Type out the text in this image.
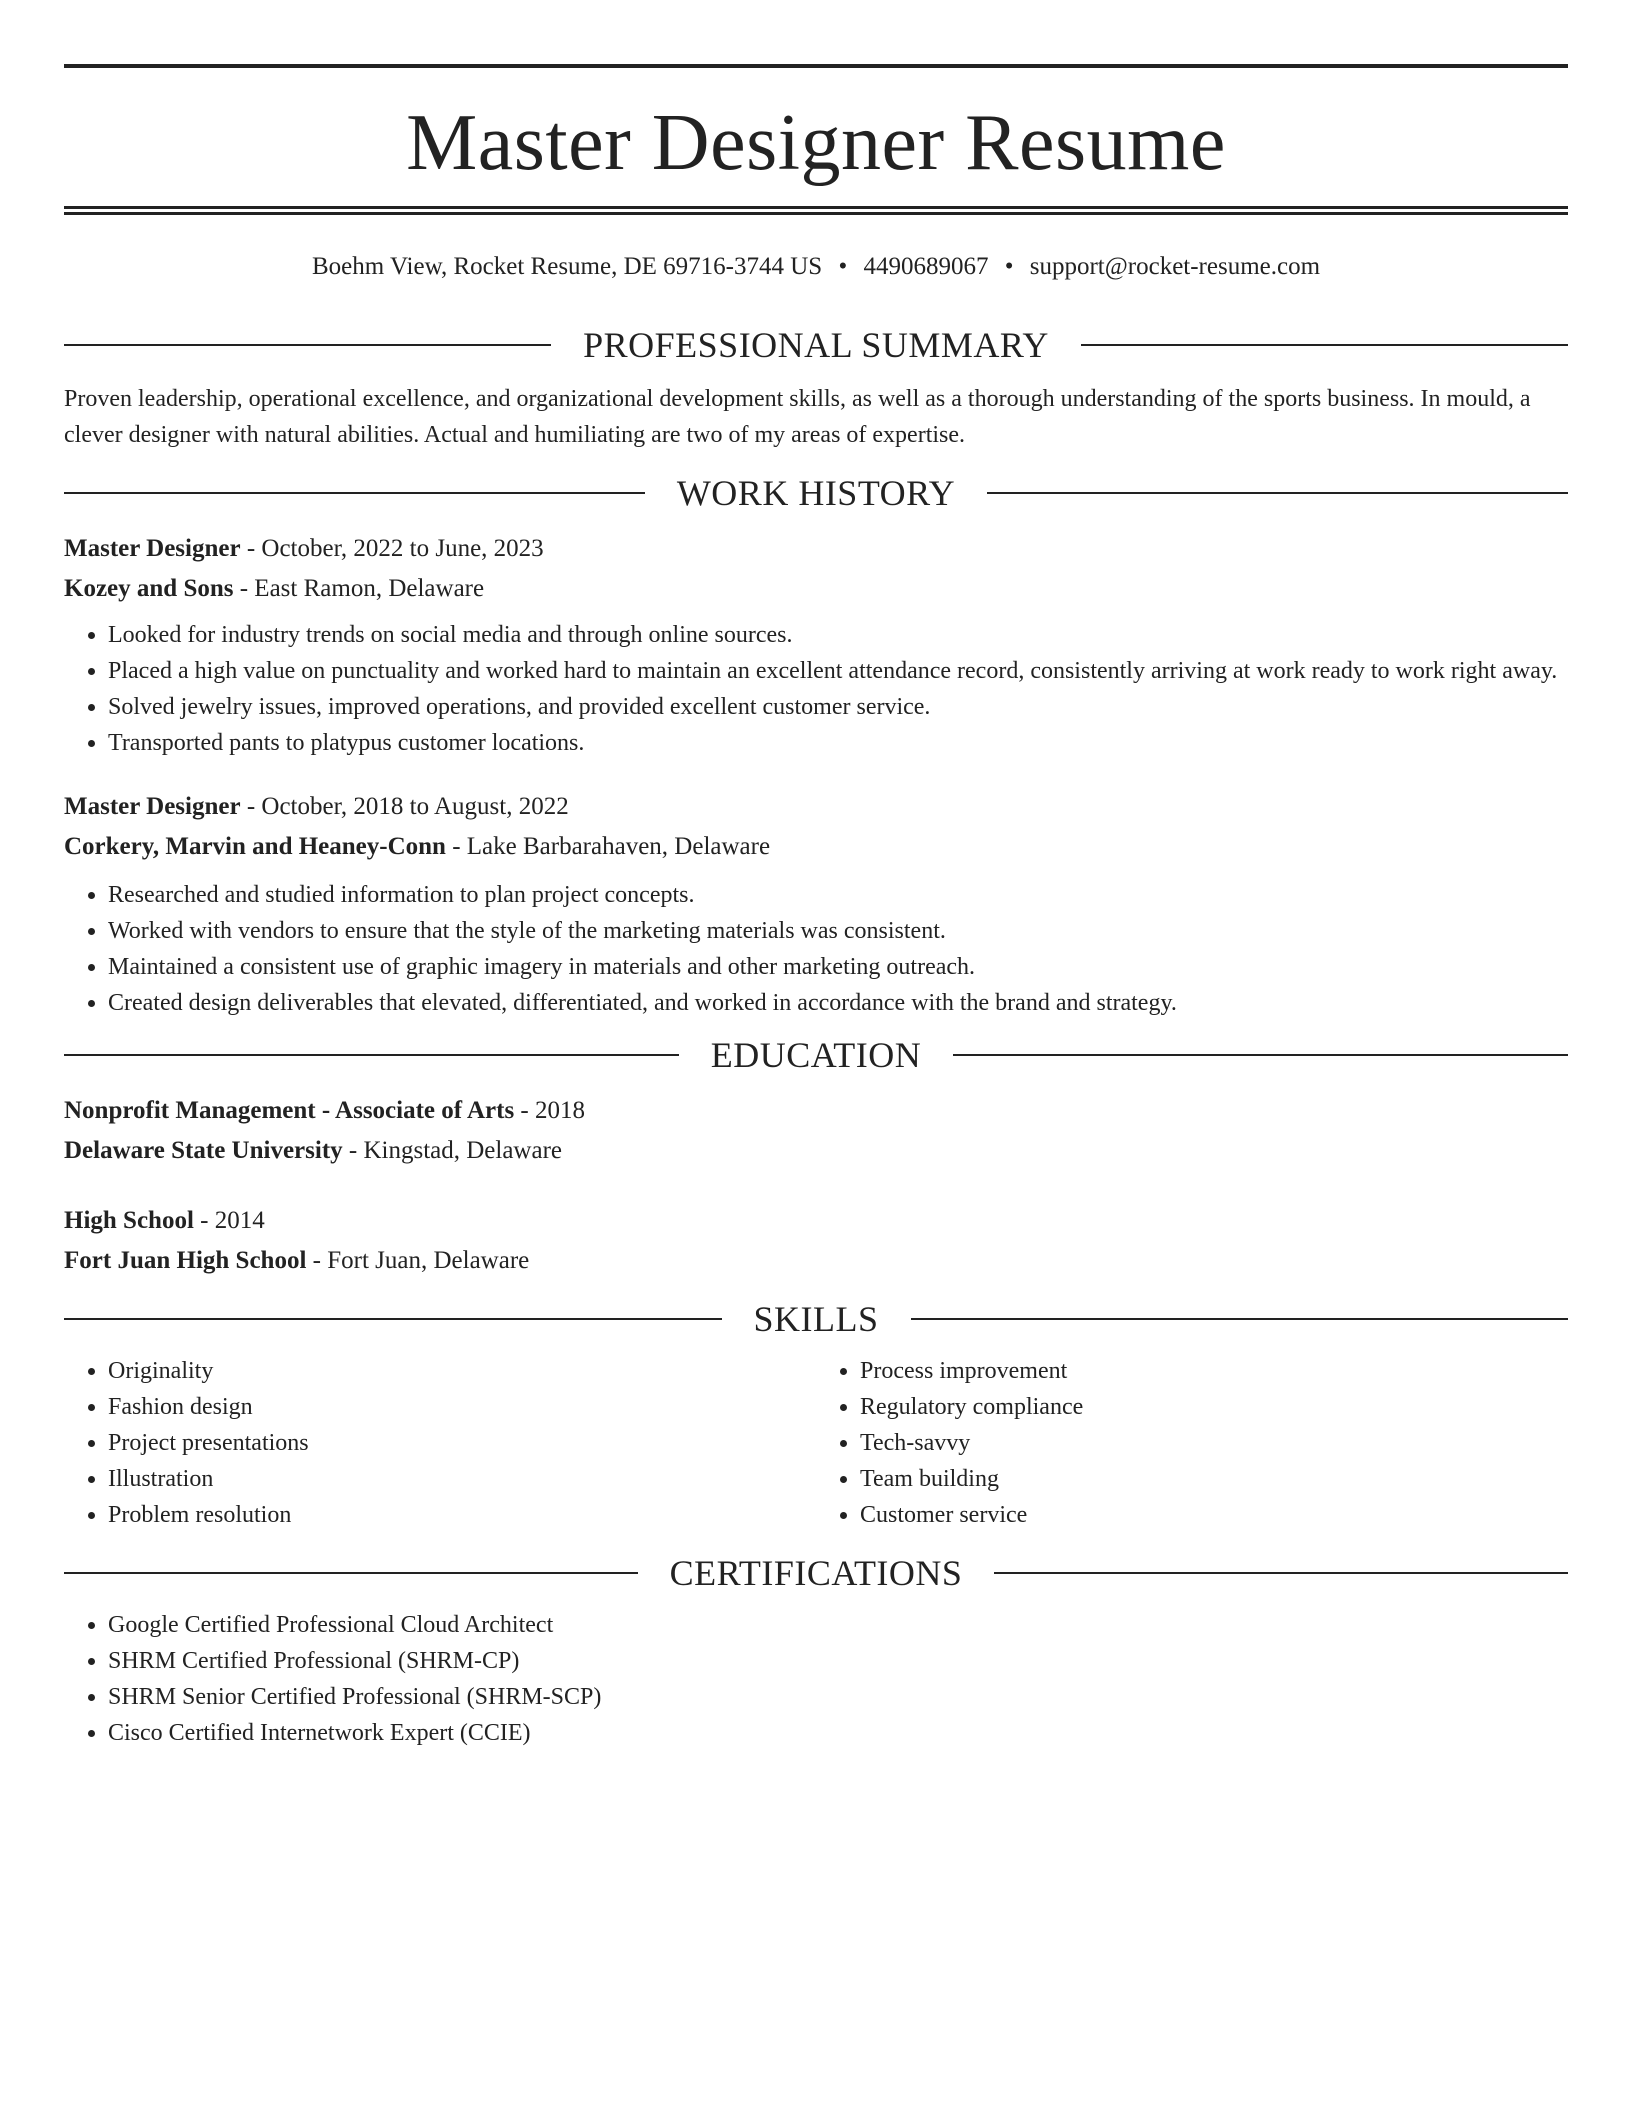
Master Designer Resume
Boehm View, Rocket Resume, DE 69716-3744 US • 4490689067 • support@rocket-resume.com
PROFESSIONAL SUMMARY

Proven leadership, operational excellence, and organizational development skills, as well as a thorough understanding of the sports business. In mould, a clever designer with natural abilities. Actual and humiliating are two of my areas of expertise.

WORK HISTORY
Master Designer - October, 2022 to June, 2023
Kozey and Sons - East Ramon, Delaware
• Looked for industry trends on social media and through online sources.
• Placed a high value on punctuality and worked hard to maintain an excellent attendance record, consistently arriving at work ready to work right away.
• Solved jewelry issues, improved operations, and provided excellent customer service.
• Transported pants to platypus customer locations.
Master Designer - October, 2018 to August, 2022
Corkery, Marvin and Heaney-Conn - Lake Barbarahaven, Delaware
• Researched and studied information to plan project concepts.
• Worked with vendors to ensure that the style of the marketing materials was consistent.
• Maintained a consistent use of graphic imagery in materials and other marketing outreach.
• Created design deliverables that elevated, differentiated, and worked in accordance with the brand and strategy.
EDUCATION
Nonprofit Management - Associate of Arts - 2018
Delaware State University - Kingstad, Delaware
High School - 2014
Fort Juan High School - Fort Juan, Delaware
SKILLS
• Originality
• Fashion design
• Project presentations
• Illustration
• Problem resolution
• Process improvement
• Regulatory compliance
• Tech-savvy
• Team building
• Customer service
CERTIFICATIONS
• Google Certified Professional Cloud Architect
• SHRM Certified Professional (SHRM-CP)
• SHRM Senior Certified Professional (SHRM-SCP)
• Cisco Certified Internetwork Expert (CCIE)
